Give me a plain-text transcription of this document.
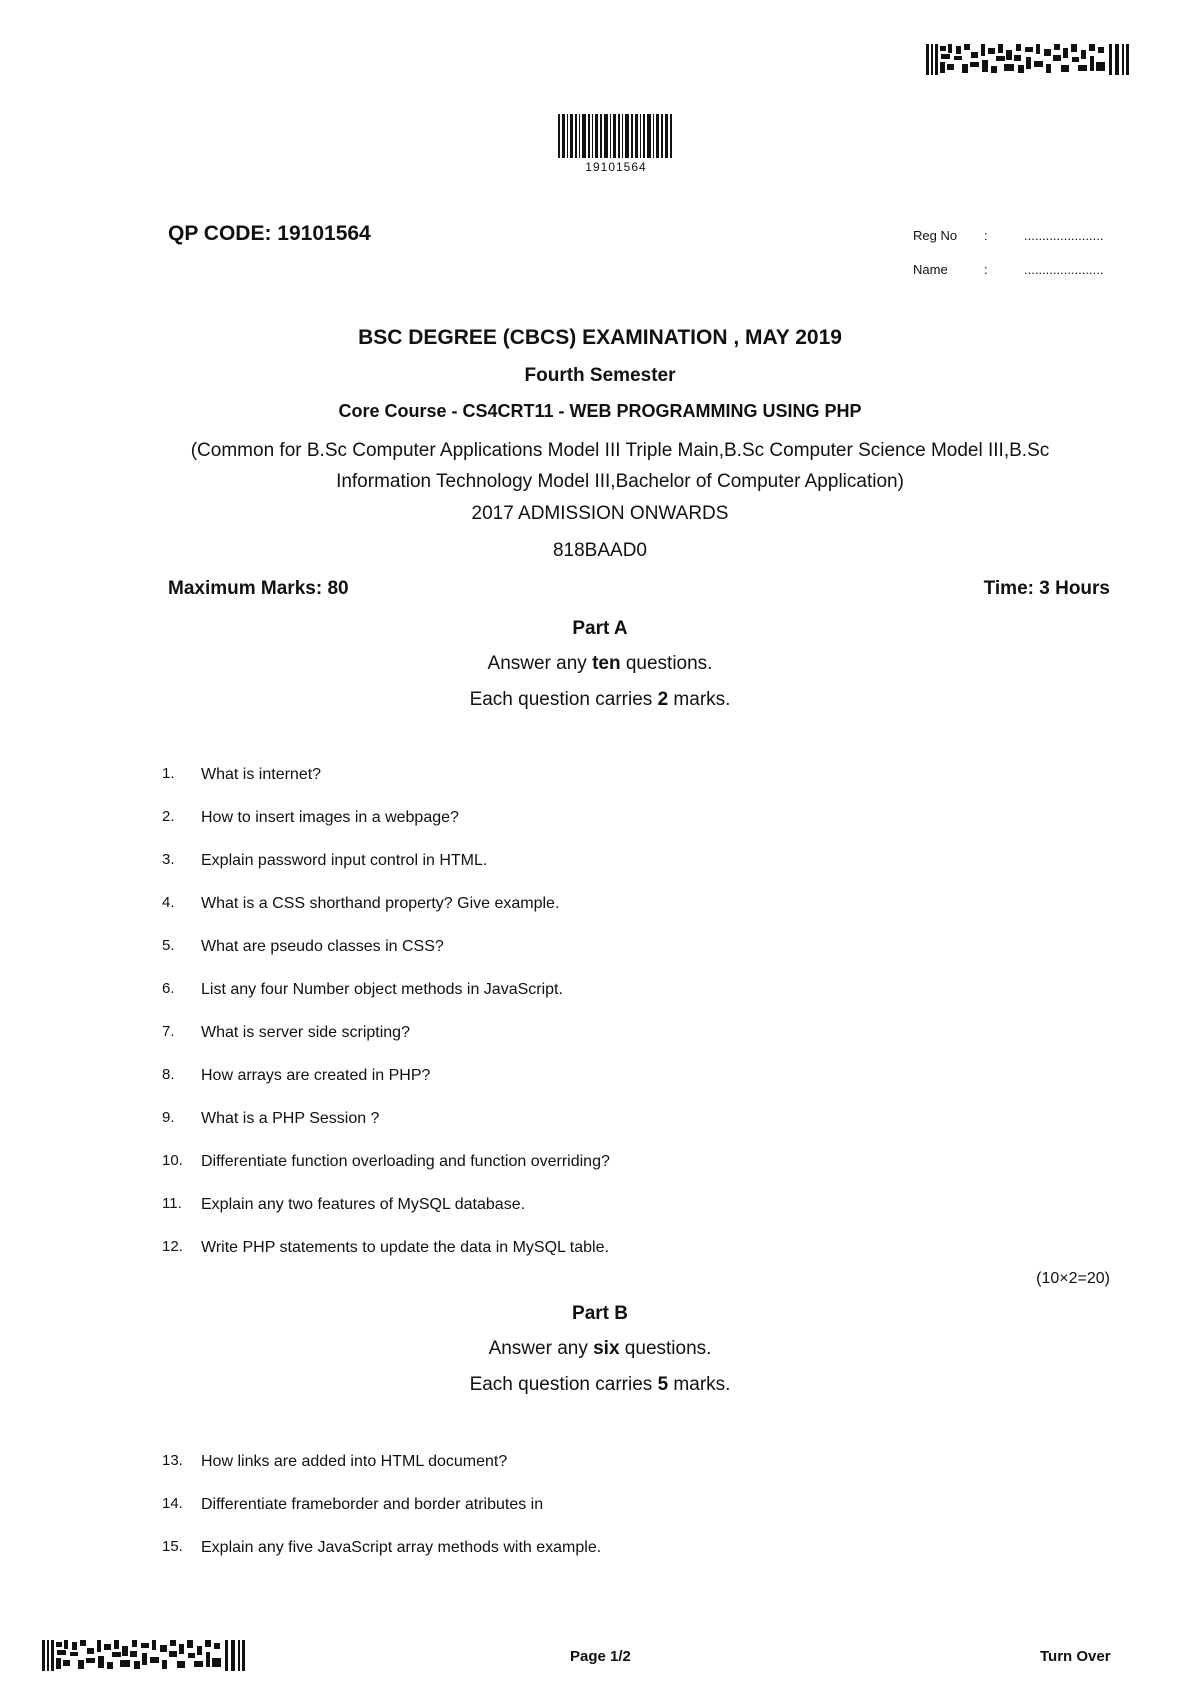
19101564
QP CODE: 19101564	Reg No :	......................
Name	:	......................
BSC DEGREE (CBCS) EXAMINATION , MAY 2019
Fourth Semester
Core Course - CS4CRT11 - WEB PROGRAMMING USING PHP
(Common for B.Sc Computer Applications Model III Triple Main,B.Sc Computer Science Model III,B.Sc
Information Technology Model III,Bachelor of Computer Application)
2017 ADMISSION ONWARDS
818BAAD0
Maximum Marks: 80	Time: 3 Hours
Part A
Answer any ten questions.
Each question carries 2 marks.
1.	What is internet?
2.	How to insert images in a webpage?
3.	Explain password input control in HTML.
4.	What is a CSS shorthand property? Give example.
5.	What are pseudo classes in CSS?
6.	List any four Number object methods in JavaScript.
7.	What is server side scripting?
8.	How arrays are created in PHP?
9.	What is a PHP Session ?
10.	Differentiate function overloading and function overriding?
11.	Explain any two features of MySQL database.
12.	Write PHP statements to update the data in MySQL table.
(10×2=20)
Part B
Answer any six questions.
Each question carries 5 marks.
13.	How links are added into HTML document?
14.	Differentiate frameborder and border atributes in
15.	Explain any five JavaScript array methods with example.
Page 1/2	Turn Over
